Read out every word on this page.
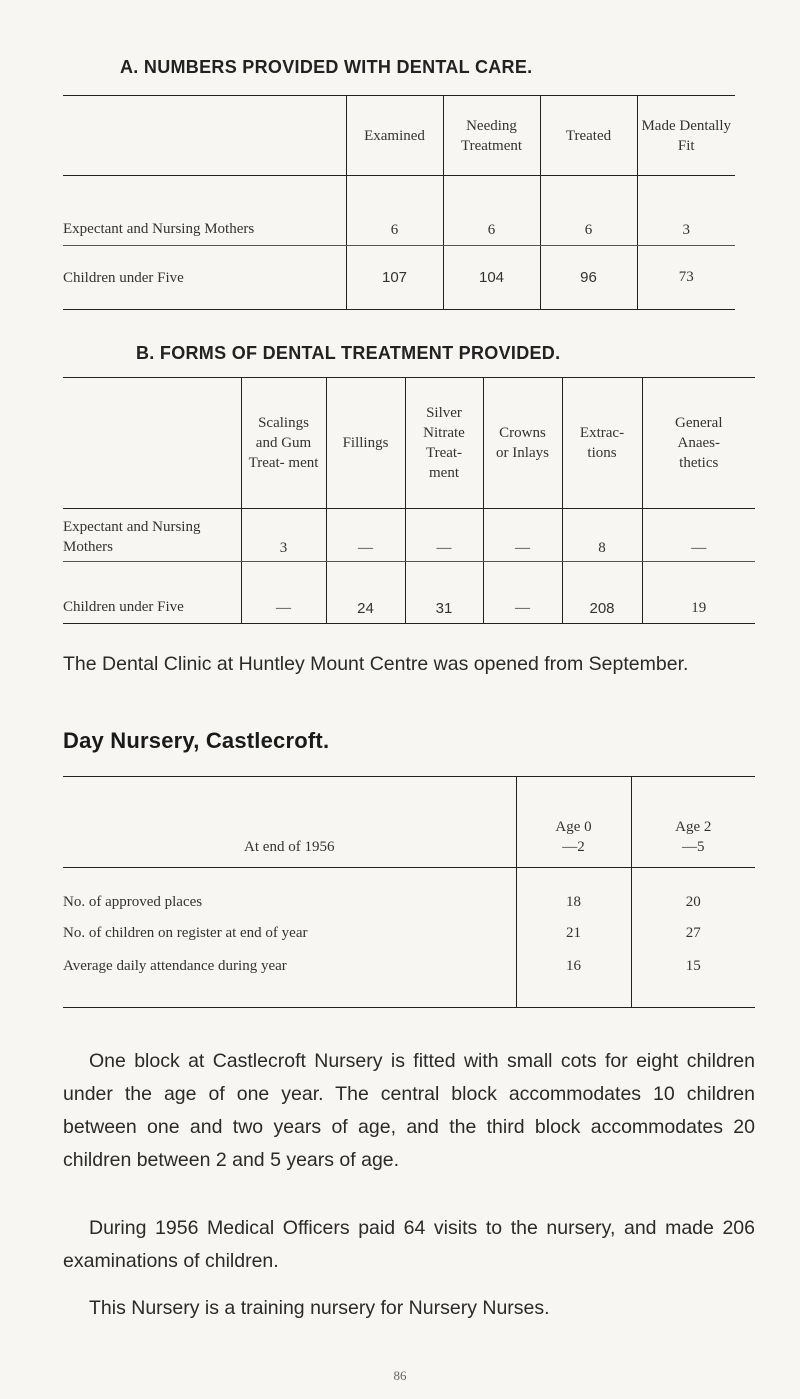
A. NUMBERS PROVIDED WITH DENTAL CARE.
	Examined	Needing Treatment	Treated	Made Dentally Fit
Expectant and Nursing Mothers	6	6	6	3
Children under Five	107	104	96	73
B. FORMS OF DENTAL TREATMENT PROVIDED.
	Scalings and Gum Treat- ment	Fillings	Silver Nitrate Treat- ment	Crowns or Inlays	Extrac- tions	General Anaes- thetics
Expectant and Nursing Mothers	3	—	—	—	8	—
Children under Five	—	24	31	—	208	19
The Dental Clinic at Huntley Mount Centre was opened from September.
Day Nursery, Castlecroft.
At end of 1956	Age 0—2	Age 2—5
No. of approved places	18	20
No. of children on register at end of year	21	27
Average daily attendance during year	16	15
One block at Castlecroft Nursery is fitted with small cots for eight children under the age of one year. The central block accommodates 10 children between one and two years of age, and the third block accommodates 20 children between 2 and 5 years of age.
During 1956 Medical Officers paid 64 visits to the nursery, and made 206 examinations of children.
This Nursery is a training nursery for Nursery Nurses.
86
